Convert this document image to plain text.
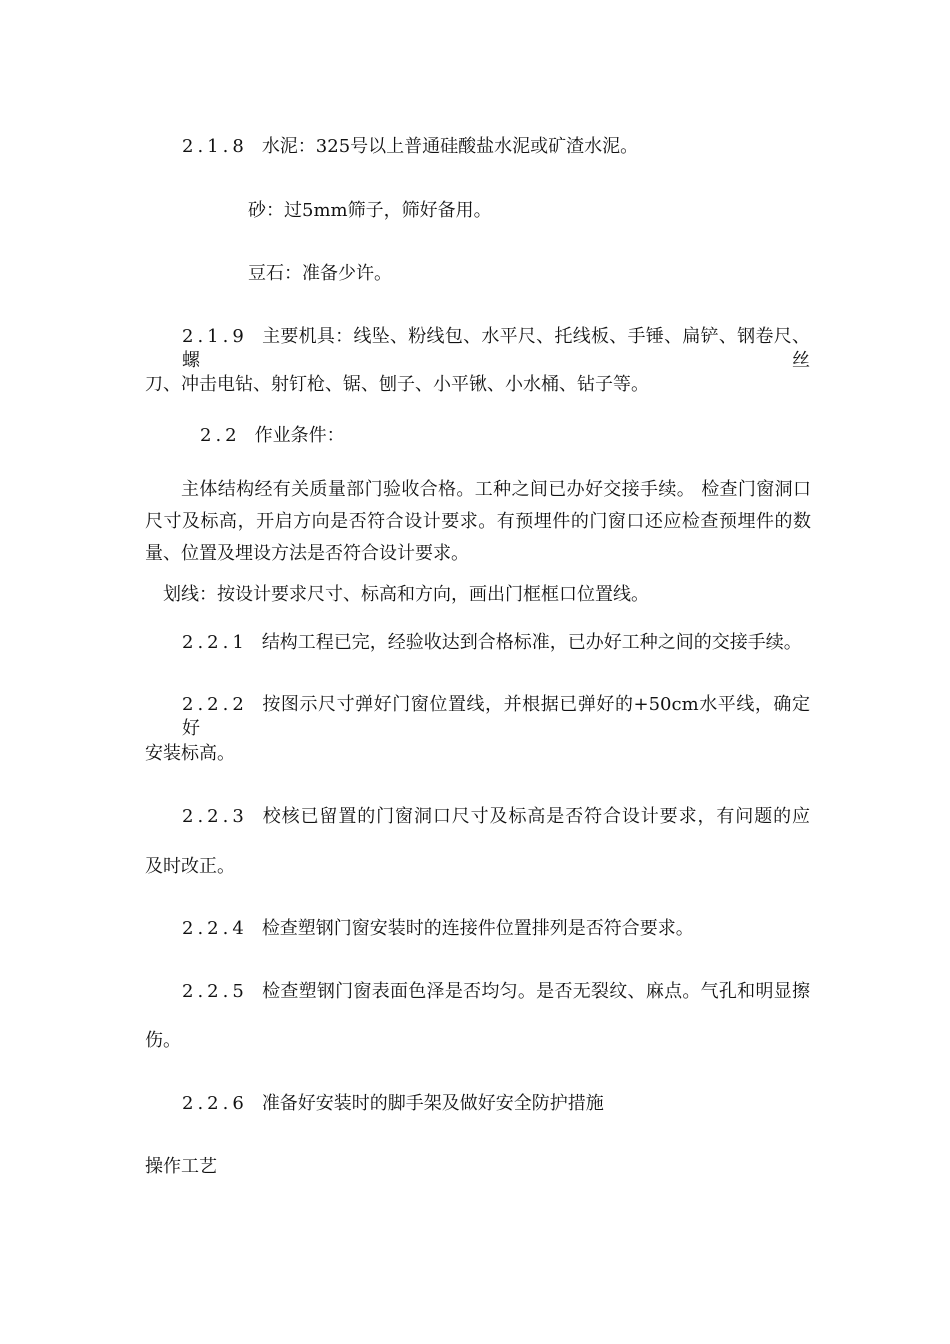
2.1.8 水泥：325号以上普通硅酸盐水泥或矿渣水泥。
砂：过5mm筛子，筛好备用。
豆石：准备少许。
2.1.9 主要机具：线坠、粉线包、水平尺、托线板、手锤、扁铲、钢卷尺、螺丝
刀、冲击电钻、射钉枪、锯、刨子、小平锹、小水桶、钻子等。
2.2 作业条件：
主体结构经有关质量部门验收合格。工种之间已办好交接手续。 检查门窗洞口尺寸及标高，开启方向是否符合设计要求。有预埋件的门窗口还应检查预埋件的数量、位置及埋设方法是否符合设计要求。
划线：按设计要求尺寸、标高和方向，画出门框框口位置线。
2.2.1 结构工程已完，经验收达到合格标准，已办好工种之间的交接手续。
2.2.2 按图示尺寸弹好门窗位置线，并根据已弹好的+50cm水平线，确定好
安装标高。
2.2.3 校核已留置的门窗洞口尺寸及标高是否符合设计要求，有问题的应
及时改正。
2.2.4 检查塑钢门窗安装时的连接件位置排列是否符合要求。
2.2.5 检查塑钢门窗表面色泽是否均匀。是否无裂纹、麻点。气孔和明显擦
伤。
2.2.6 准备好安装时的脚手架及做好安全防护措施
操作工艺
